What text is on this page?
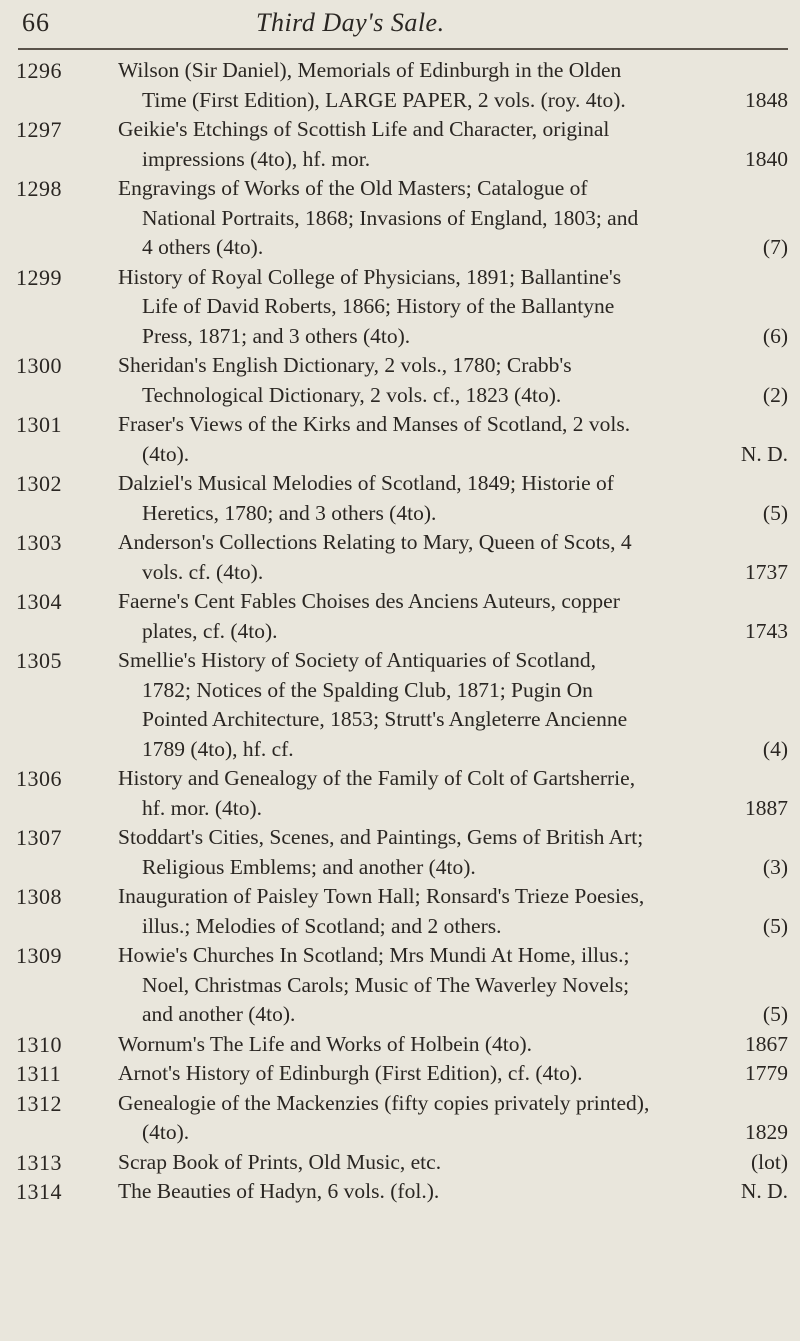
66	Third Day's Sale.
1296	Wilson (Sir Daniel), Memorials of Edinburgh in the Olden
Time (First Edition), LARGE PAPER, 2 vols. (roy. 4to).	1848
1297	Geikie's Etchings of Scottish Life and Character, original
impressions (4to), hf. mor.	1840
1298	Engravings of Works of the Old Masters; Catalogue of
National Portraits, 1868; Invasions of England, 1803; and
4 others (4to).	(7)
1299	History of Royal College of Physicians, 1891; Ballantine's
Life of David Roberts, 1866; History of the Ballantyne
Press, 1871; and 3 others (4to).	(6)
1300	Sheridan's English Dictionary, 2 vols., 1780; Crabb's
Technological Dictionary, 2 vols. cf., 1823 (4to).	(2)
1301	Fraser's Views of the Kirks and Manses of Scotland, 2 vols.
(4to).	N. D.
1302	Dalziel's Musical Melodies of Scotland, 1849; Historie of
Heretics, 1780; and 3 others (4to).	(5)
1303	Anderson's Collections Relating to Mary, Queen of Scots, 4
vols. cf. (4to).	1737
1304	Faerne's Cent Fables Choises des Anciens Auteurs, copper
plates, cf. (4to).	1743
1305	Smellie's History of Society of Antiquaries of Scotland,
1782; Notices of the Spalding Club, 1871; Pugin On
Pointed Architecture, 1853; Strutt's Angleterre Ancienne
1789 (4to), hf. cf.	(4)
1306	History and Genealogy of the Family of Colt of Gartsherrie,
hf. mor. (4to).	1887
1307	Stoddart's Cities, Scenes, and Paintings, Gems of British Art;
Religious Emblems; and another (4to).	(3)
1308	Inauguration of Paisley Town Hall; Ronsard's Trieze Poesies,
illus.; Melodies of Scotland; and 2 others.	(5)
1309	Howie's Churches In Scotland; Mrs Mundi At Home, illus.;
Noel, Christmas Carols; Music of The Waverley Novels;
and another (4to).	(5)
1310	Wornum's The Life and Works of Holbein (4to).	1867
1311	Arnot's History of Edinburgh (First Edition), cf. (4to).	1779
1312	Genealogie of the Mackenzies (fifty copies privately printed),
(4to).	1829
1313	Scrap Book of Prints, Old Music, etc.	(lot)
1314	The Beauties of Hadyn, 6 vols. (fol.).	N. D.
